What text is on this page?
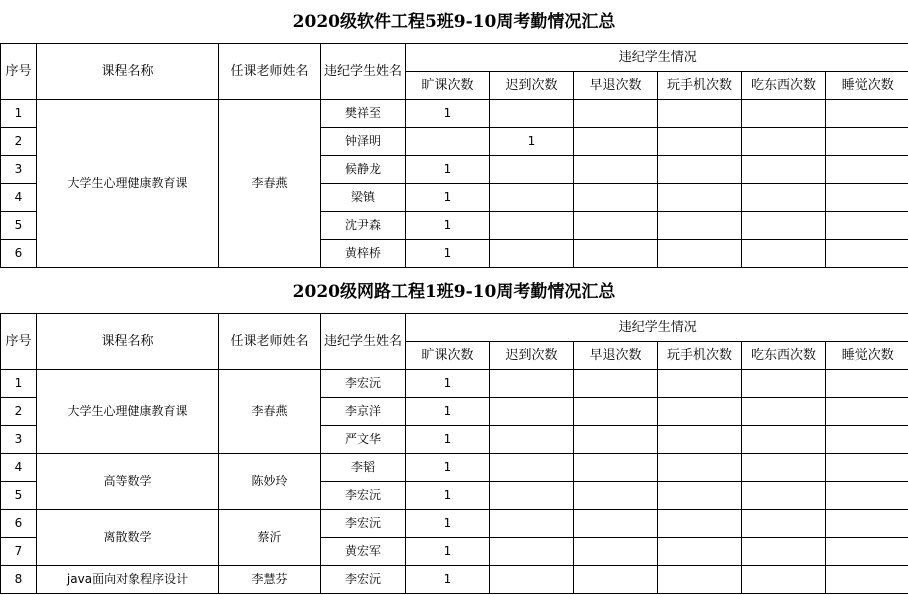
2020级软件工程5班9-10周考勤情况汇总
序号	课程名称	任课老师姓名	违纪学生姓名	违纪学生情况					
				旷课次数	迟到次数	早退次数	玩手机次数	吃东西次数	睡觉次数
1	大学生心理健康教育课	李春燕	樊祥至	1					
2			钟泽明		1				
3			候静龙	1					
4			梁镇	1					
5			沈尹森	1					
6			黄梓桥	1					
2020级网路工程1班9-10周考勤情况汇总
序号	课程名称	任课老师姓名	违纪学生姓名	违纪学生情况					
				旷课次数	迟到次数	早退次数	玩手机次数	吃东西次数	睡觉次数
1	大学生心理健康教育课	李春燕	李宏沅	1					
2			李京洋	1					
3			严文华	1					
4	高等数学	陈妙玲	李韬	1					
5			李宏沅	1					
6	离散数学	蔡沂	李宏沅	1					
7			黄宏军	1					
8	java面向对象程序设计	李慧芬	李宏沅	1					
